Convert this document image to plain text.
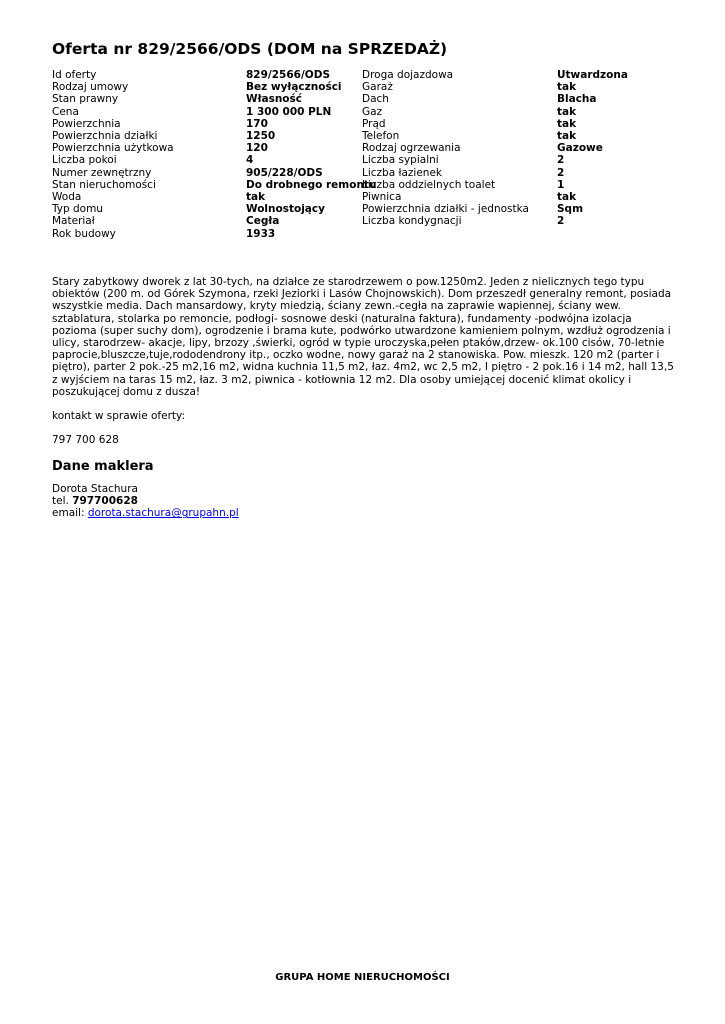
Oferta nr 829/2566/ODS (DOM na SPRZEDAŻ)
Id oferty	829/2566/ODS
Rodzaj umowy	Bez wyłączności
Stan prawny	Własność
Cena	1 300 000 PLN
Powierzchnia	170
Powierzchnia działki	1250
Powierzchnia użytkowa	120
Liczba pokoi	4
Numer zewnętrzny	905/228/ODS
Stan nieruchomości	Do drobnego remontu
Woda	tak
Typ domu	Wolnostojący
Materiał	Cegła
Rok budowy	1933
Droga dojazdowa	Utwardzona
Garaż	tak
Dach	Blacha
Gaz	tak
Prąd	tak
Telefon	tak
Rodzaj ogrzewania	Gazowe
Liczba sypialni	2
Liczba łazienek	2
Liczba oddzielnych toalet	1
Piwnica	tak
Powierzchnia działki - jednostka	Sqm
Liczba kondygnacji	2

Stary zabytkowy dworek z lat 30-tych, na działce ze starodrzewem o pow.1250m2. Jeden z nielicznych tego typu obiektów (200 m. od Górek Szymona, rzeki Jeziorki i Lasów Chojnowskich). Dom przeszedł generalny remont, posiada wszystkie media. Dach mansardowy, kryty miedzią, ściany zewn.-cegła na zaprawie wapiennej, ściany wew. sztablatura, stolarka po remoncie, podłogi- sosnowe deski (naturalna faktura), fundamenty -podwójna izolacja pozioma (super suchy dom), ogrodzenie i brama kute, podwórko utwardzone kamieniem polnym, wzdłuż ogrodzenia i ulicy, starodrzew- akacje, lipy, brzozy ,świerki, ogród w typie uroczyska,pełen ptaków,drzew- ok.100 cisów, 70-letnie paprocie,bluszcze,tuje,rododendrony itp., oczko wodne, nowy garaż na 2 stanowiska. Pow. mieszk. 120 m2 (parter i piętro), parter 2 pok.-25 m2,16 m2, widna kuchnia 11,5 m2, łaz. 4m2, wc 2,5 m2, I piętro - 2 pok.16 i 14 m2, hall 13,5 z wyjściem na taras 15 m2, łaz. 3 m2, piwnica - kotłownia 12 m2. Dla osoby umiejącej docenić klimat okolicy i poszukującej domu z dusza!

kontakt w sprawie oferty:

797 700 628

Dane maklera
Dorota Stachura
tel. 797700628
email: dorota.stachura@grupahn.pl
GRUPA HOME NIERUCHOMOŚCI
